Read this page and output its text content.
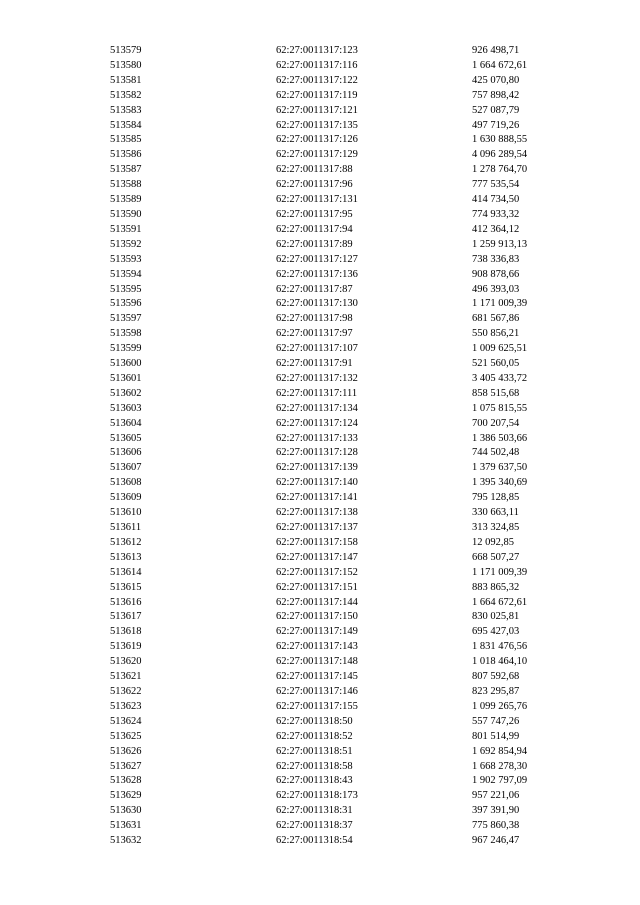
513579	62:27:0011317:123	926 498,71
513580	62:27:0011317:116	1 664 672,61
513581	62:27:0011317:122	425 070,80
513582	62:27:0011317:119	757 898,42
513583	62:27:0011317:121	527 087,79
513584	62:27:0011317:135	497 719,26
513585	62:27:0011317:126	1 630 888,55
513586	62:27:0011317:129	4 096 289,54
513587	62:27:0011317:88	1 278 764,70
513588	62:27:0011317:96	777 535,54
513589	62:27:0011317:131	414 734,50
513590	62:27:0011317:95	774 933,32
513591	62:27:0011317:94	412 364,12
513592	62:27:0011317:89	1 259 913,13
513593	62:27:0011317:127	738 336,83
513594	62:27:0011317:136	908 878,66
513595	62:27:0011317:87	496 393,03
513596	62:27:0011317:130	1 171 009,39
513597	62:27:0011317:98	681 567,86
513598	62:27:0011317:97	550 856,21
513599	62:27:0011317:107	1 009 625,51
513600	62:27:0011317:91	521 560,05
513601	62:27:0011317:132	3 405 433,72
513602	62:27:0011317:111	858 515,68
513603	62:27:0011317:134	1 075 815,55
513604	62:27:0011317:124	700 207,54
513605	62:27:0011317:133	1 386 503,66
513606	62:27:0011317:128	744 502,48
513607	62:27:0011317:139	1 379 637,50
513608	62:27:0011317:140	1 395 340,69
513609	62:27:0011317:141	795 128,85
513610	62:27:0011317:138	330 663,11
513611	62:27:0011317:137	313 324,85
513612	62:27:0011317:158	12 092,85
513613	62:27:0011317:147	668 507,27
513614	62:27:0011317:152	1 171 009,39
513615	62:27:0011317:151	883 865,32
513616	62:27:0011317:144	1 664 672,61
513617	62:27:0011317:150	830 025,81
513618	62:27:0011317:149	695 427,03
513619	62:27:0011317:143	1 831 476,56
513620	62:27:0011317:148	1 018 464,10
513621	62:27:0011317:145	807 592,68
513622	62:27:0011317:146	823 295,87
513623	62:27:0011317:155	1 099 265,76
513624	62:27:0011318:50	557 747,26
513625	62:27:0011318:52	801 514,99
513626	62:27:0011318:51	1 692 854,94
513627	62:27:0011318:58	1 668 278,30
513628	62:27:0011318:43	1 902 797,09
513629	62:27:0011318:173	957 221,06
513630	62:27:0011318:31	397 391,90
513631	62:27:0011318:37	775 860,38
513632	62:27:0011318:54	967 246,47
